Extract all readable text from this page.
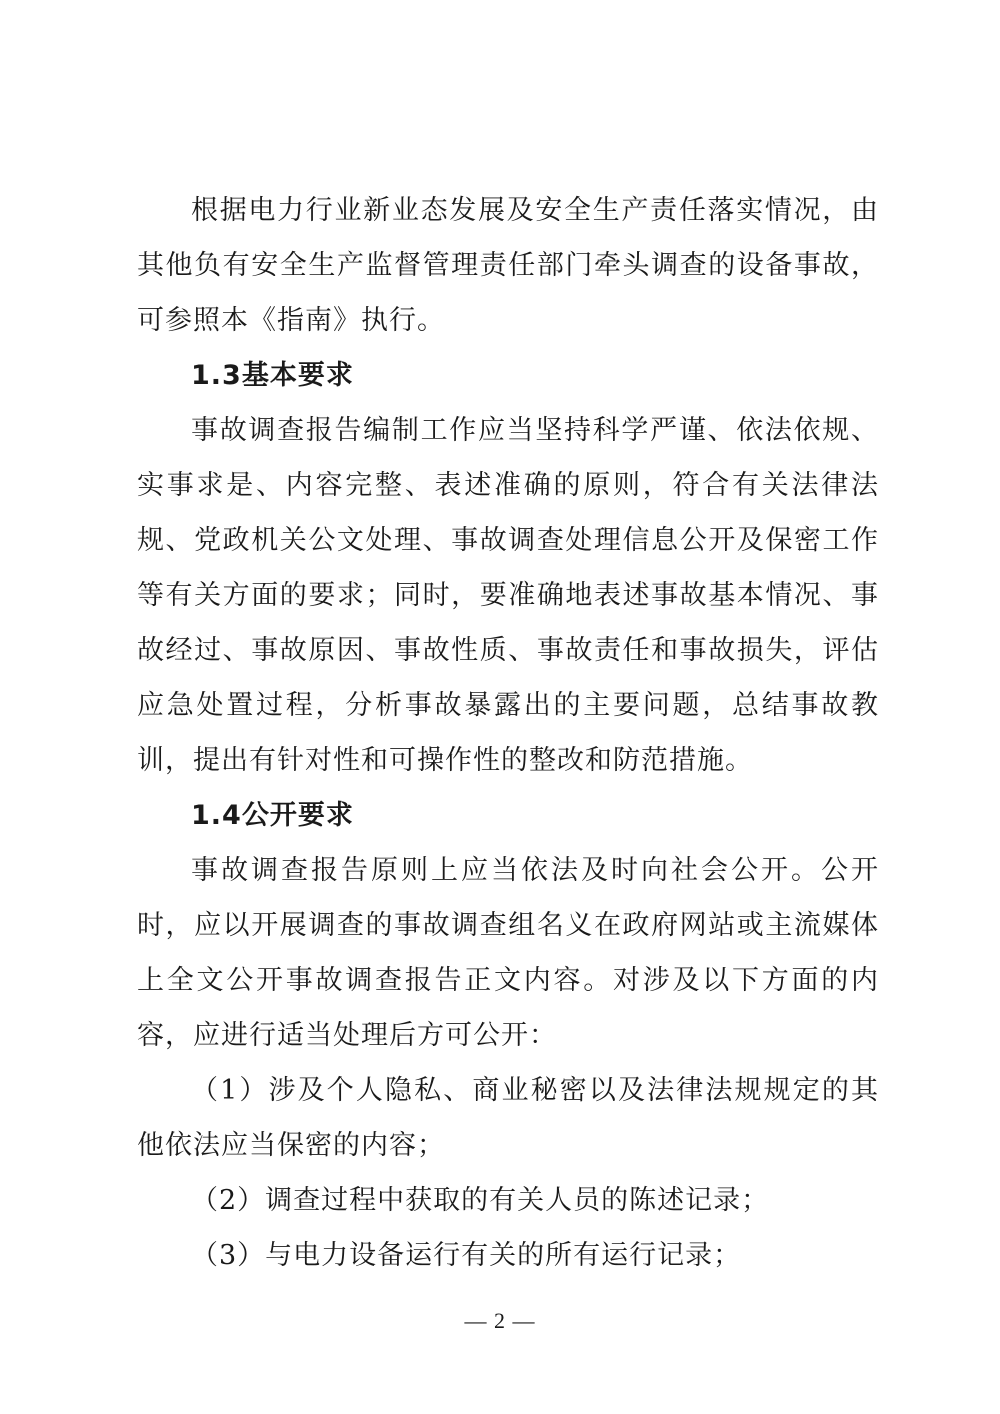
根据电力行业新业态发展及安全生产责任落实情况，由其他负有安全生产监督管理责任部门牵头调查的设备事故，可参照本《指南》执行。

1.3基本要求

事故调查报告编制工作应当坚持科学严谨、依法依规、实事求是、内容完整、表述准确的原则，符合有关法律法规、党政机关公文处理、事故调查处理信息公开及保密工作等有关方面的要求；同时，要准确地表述事故基本情况、事故经过、事故原因、事故性质、事故责任和事故损失，评估应急处置过程，分析事故暴露出的主要问题，总结事故教训，提出有针对性和可操作性的整改和防范措施。

1.4公开要求

事故调查报告原则上应当依法及时向社会公开。公开时，应以开展调查的事故调查组名义在政府网站或主流媒体上全文公开事故调查报告正文内容。对涉及以下方面的内容，应进行适当处理后方可公开：

（1）涉及个人隐私、商业秘密以及法律法规规定的其他依法应当保密的内容；

（2）调查过程中获取的有关人员的陈述记录；

（3）与电力设备运行有关的所有运行记录；

— 2 —
